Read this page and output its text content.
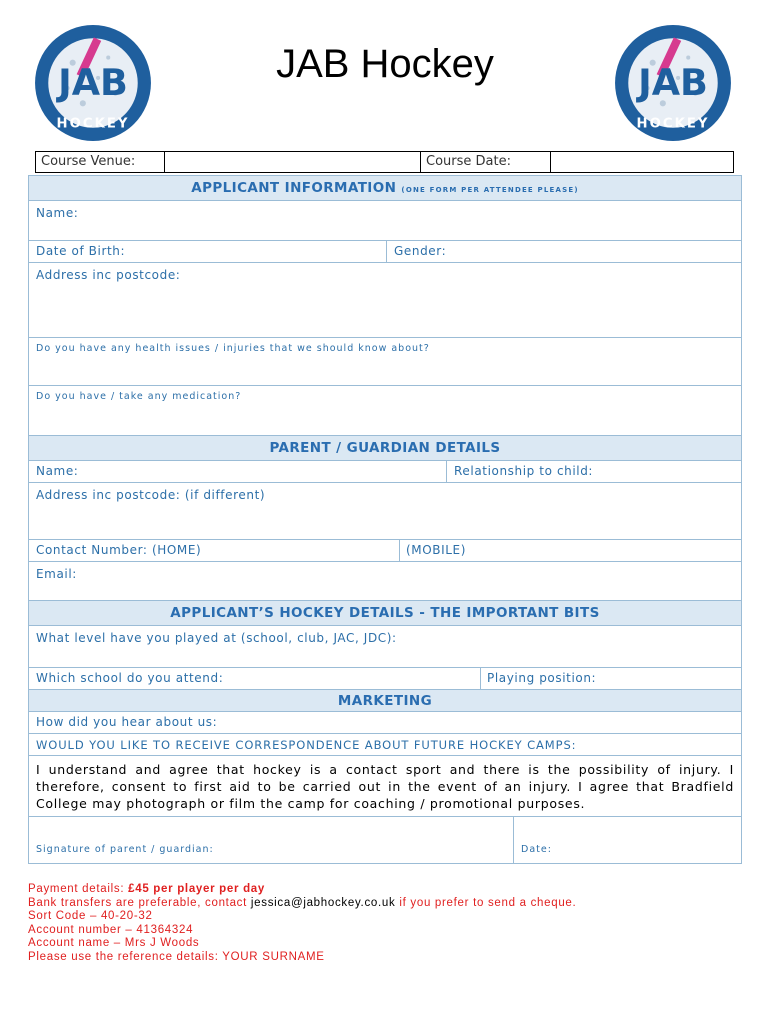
JAB
HOCKEY
JAB Hockey	JAB
HOCKEY
Course Venue:	Course Date:
APPLICANT INFORMATION (ONE FORM PER ATTENDEE PLEASE)
Name:
Date of Birth:	Gender:
Address inc postcode:
Do you have any health issues / injuries that we should know about?
Do you have / take any medication?
PARENT / GUARDIAN DETAILS
Name:	Relationship to child:
Address inc postcode: (if different)
Contact Number: (HOME)	(MOBILE)
Email:
APPLICANT’S HOCKEY DETAILS - THE IMPORTANT BITS
What level have you played at (school, club, JAC, JDC):
Which school do you attend:	Playing position:
MARKETING
How did you hear about us:
WOULD YOU LIKE TO RECEIVE CORRESPONDENCE ABOUT FUTURE HOCKEY CAMPS:
I understand and agree that hockey is a contact sport and there is the possibility of injury. I therefore, consent to first aid to be carried out in the event of an injury. I agree that Bradfield College may photograph or film the camp for coaching / promotional purposes.
Signature of parent / guardian:	Date:
Payment details: £45 per player per day
Bank transfers are preferable, contact jessica@jabhockey.co.uk if you prefer to send a cheque.
Sort Code – 40-20-32
Account number – 41364324
Account name – Mrs J Woods
Please use the reference details: YOUR SURNAME
